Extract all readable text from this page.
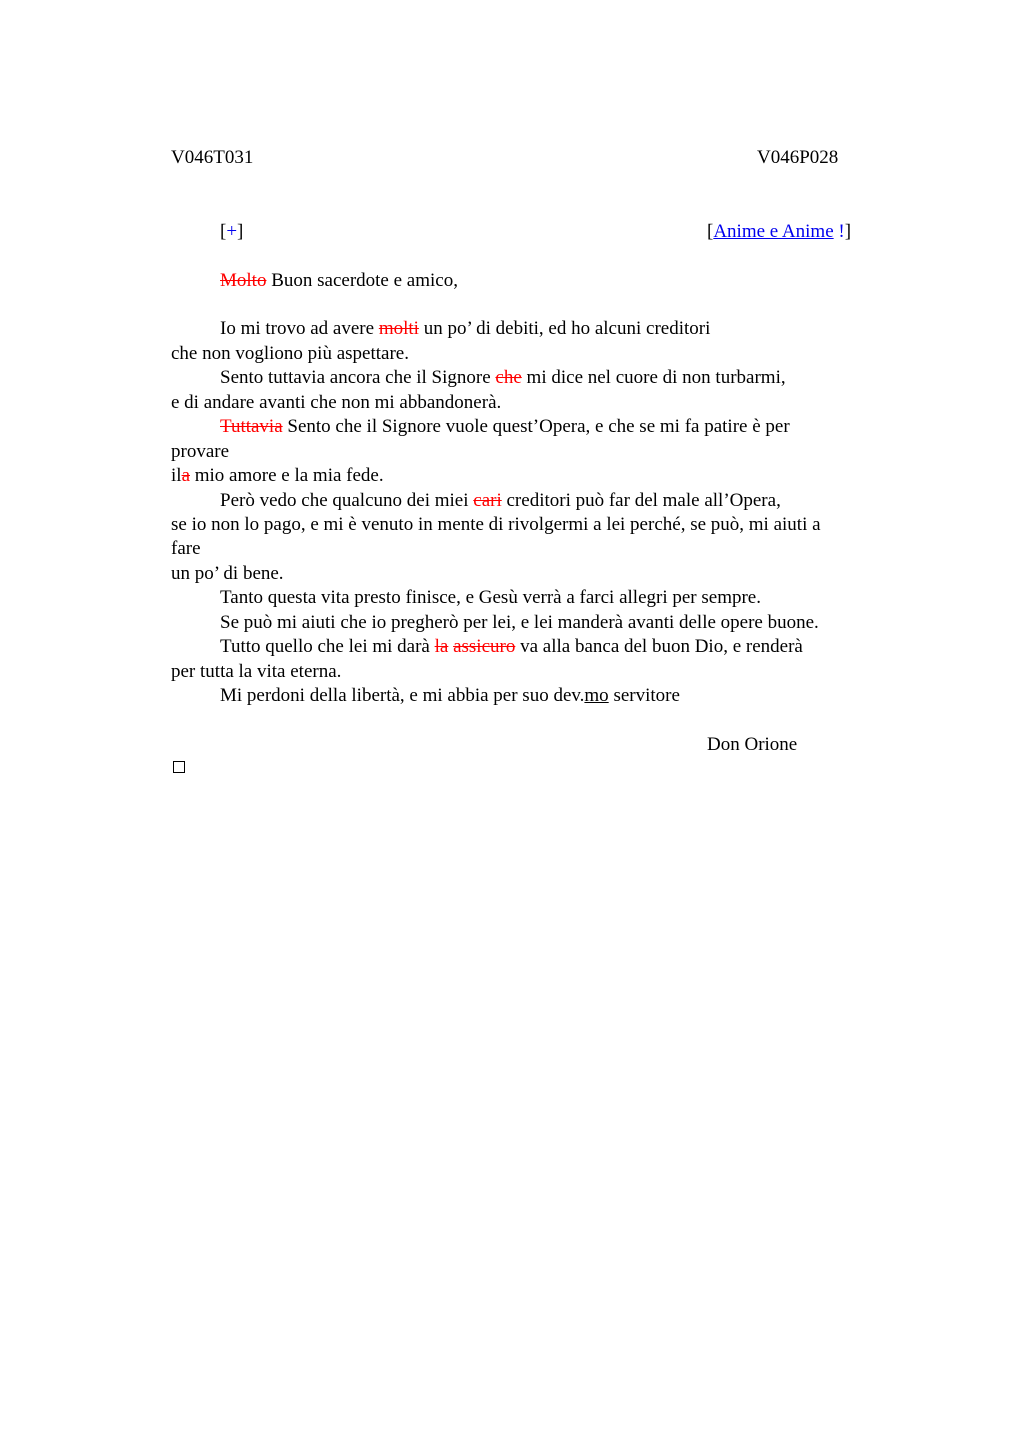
V046T031	V046P028
[+]	[Anime e Anime !]
Molto Buon sacerdote e amico,
Io mi trovo ad avere molti un po’ di debiti, ed ho alcuni creditori
che non vogliono più aspettare.
Sento tuttavia ancora che il Signore che mi dice nel cuore di non turbarmi,
e di andare avanti che non mi abbandonerà.
Tuttavia Sento che il Signore vuole quest’Opera, e che se mi fa patire è per
provare
ila mio amore e la mia fede.
Però vedo che qualcuno dei miei cari creditori può far del male all’Opera,
se io non lo pago, e mi è venuto in mente di rivolgermi a lei perché, se può, mi aiuti a
fare
un po’ di bene.
Tanto questa vita presto finisce, e Gesù verrà a farci allegri per sempre.
Se può mi aiuti che io pregherò per lei, e lei manderà avanti delle opere buone.
Tutto quello che lei mi darà la assicuro va alla banca del buon Dio, e renderà
per tutta la vita eterna.
Mi perdoni della libertà, e mi abbia per suo dev.mo servitore
Don Orione
